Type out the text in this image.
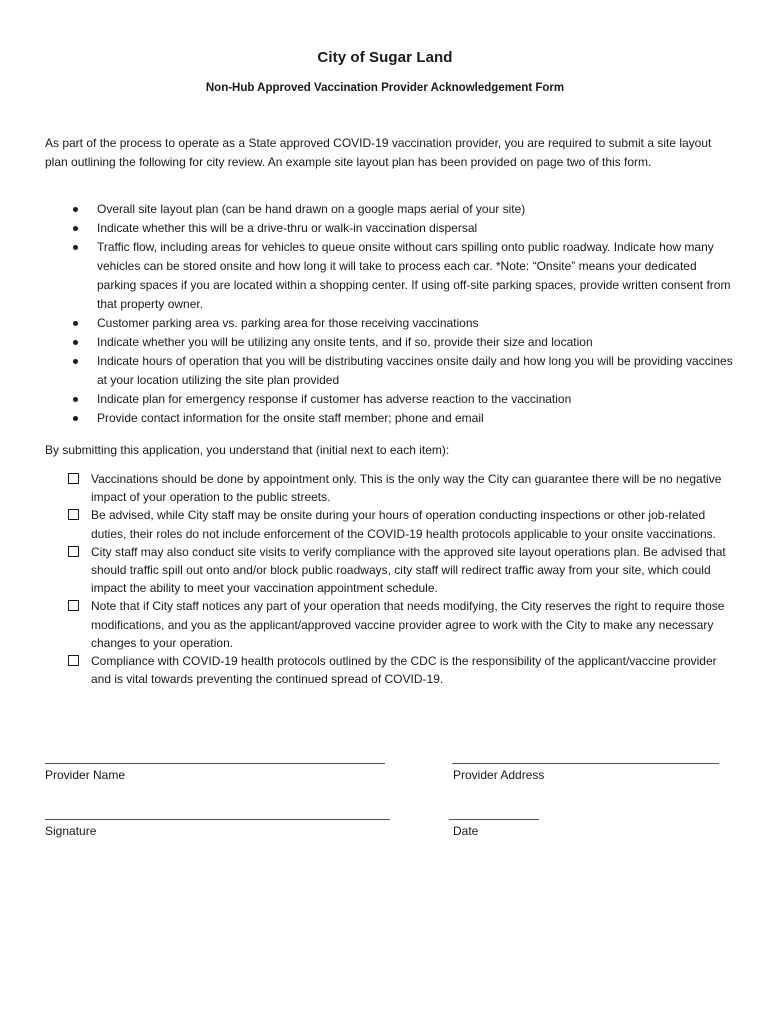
City of Sugar Land
Non-Hub Approved Vaccination Provider Acknowledgement Form

As part of the process to operate as a State approved COVID-19 vaccination provider, you are required to submit a site layout plan outlining the following for city review. An example site layout plan has been provided on page two of this form.

Overall site layout plan (can be hand drawn on a google maps aerial of your site)
Indicate whether this will be a drive-thru or walk-in vaccination dispersal
Traffic flow, including areas for vehicles to queue onsite without cars spilling onto public roadway. Indicate how many vehicles can be stored onsite and how long it will take to process each car. *Note: “Onsite” means your dedicated parking spaces if you are located within a shopping center. If using off-site parking spaces, provide written consent from that property owner.
Customer parking area vs. parking area for those receiving vaccinations
Indicate whether you will be utilizing any onsite tents, and if so, provide their size and location
Indicate hours of operation that you will be distributing vaccines onsite daily and how long you will be providing vaccines at your location utilizing the site plan provided
Indicate plan for emergency response if customer has adverse reaction to the vaccination
Provide contact information for the onsite staff member; phone and email

By submitting this application, you understand that (initial next to each item):

Vaccinations should be done by appointment only. This is the only way the City can guarantee there will be no negative impact of your operation to the public streets.
Be advised, while City staff may be onsite during your hours of operation conducting inspections or other job-related duties, their roles do not include enforcement of the COVID-19 health protocols applicable to your onsite vaccinations.
City staff may also conduct site visits to verify compliance with the approved site layout operations plan. Be advised that should traffic spill out onto and/or block public roadways, city staff will redirect traffic away from your site, which could impact the ability to meet your vaccination appointment schedule.
Note that if City staff notices any part of your operation that needs modifying, the City reserves the right to require those modifications, and you as the applicant/approved vaccine provider agree to work with the City to make any necessary changes to your operation.
Compliance with COVID-19 health protocols outlined by the CDC is the responsibility of the applicant/vaccine provider and is vital towards preventing the continued spread of COVID-19.
Provider Name	Provider Address
Signature	Date
